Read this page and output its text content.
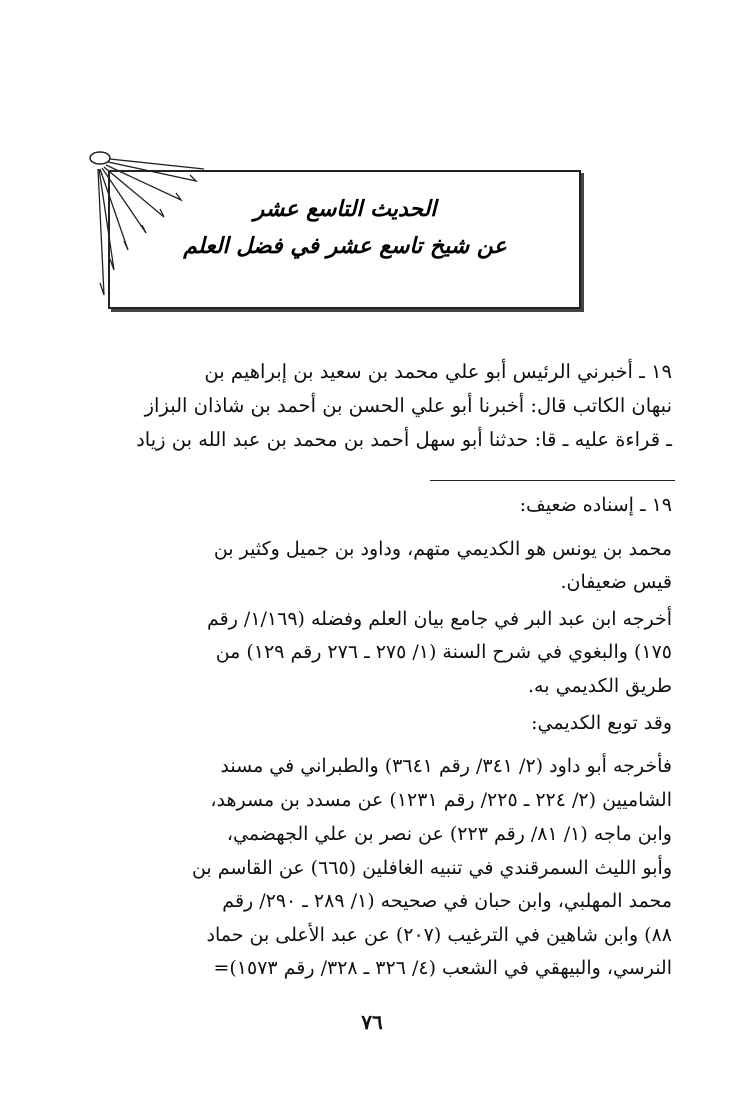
الحديث التاسع عشر
عن شيخ تاسع عشر في فضل العلم
١٩ ـ أخبرني الرئيس أبو علي محمد بن سعيد بن إبراهيم بن
نبهان الكاتب قال: أخبرنا أبو علي الحسن بن أحمد بن شاذان البزاز
ـ قراءة عليه ـ قا: حدثنا أبو سهل أحمد بن محمد بن عبد الله بن زياد
١٩ ـ إسناده ضعيف:
محمد بن يونس هو الكديمي متهم، وداود بن جميل وكثير بن
قيس ضعيفان.
أخرجه ابن عبد البر في جامع بيان العلم وفضله (١/١٦٩/ رقم
١٧٥) والبغوي في شرح السنة (١/ ٢٧٥ ـ ٢٧٦ رقم ١٢٩) من
طريق الكديمي به.
وقد توبع الكديمي:
فأخرجه أبو داود (٢/ ٣٤١/ رقم ٣٦٤١) والطبراني في مسند
الشاميين (٢/ ٢٢٤ ـ ٢٢٥/ رقم ١٢٣١) عن مسدد بن مسرهد،
وابن ماجه (١/ ٨١/ رقم ٢٢٣) عن نصر بن علي الجهضمي،
وأبو الليث السمرقندي في تنبيه الغافلين (٦٦٥) عن القاسم بن
محمد المهلبي، وابن حبان في صحيحه (١/ ٢٨٩ ـ ٢٩٠/ رقم
٨٨) وابن شاهين في الترغيب (٢٠٧) عن عبد الأعلى بن حماد
النرسي، والبيهقي في الشعب (٤/ ٣٢٦ ـ ٣٢٨/ رقم ١٥٧٣)=
٧٦
